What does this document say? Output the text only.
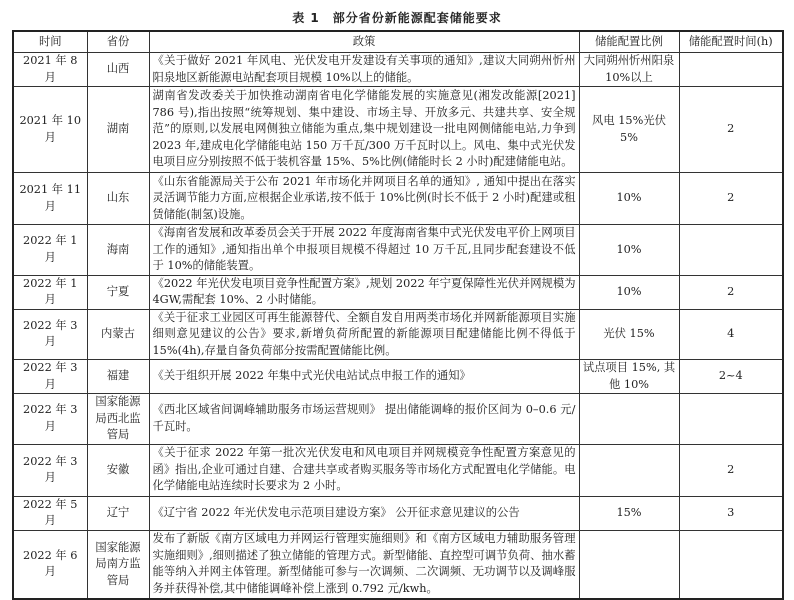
表 1　部分省份新能源配套储能要求
时间	省份	政策	储能配置比例	储能配置时间(h)
2021 年 8 月	山西	《关于做好 2021 年风电、光伏发电开发建设有关事项的通知》,建议大同朔州忻州阳泉地区新能源电站配套项目规模 10%以上的储能。	大同朔州忻州阳泉 10%以上	
2021 年 10 月	湖南	湖南省发改委关于加快推动湖南省电化学储能发展的实施意见(湘发改能源[2021] 786 号),指出按照“统筹规划、集中建设、市场主导、开放多元、共建共享、安全规范”的原则,以发展电网侧独立储能为重点,集中规划建设一批电网侧储能电站,力争到 2023 年,建成电化学储能电站 150 万千瓦/300 万千瓦时以上。风电、集中式光伏发电项目应分别按照不低于装机容量 15%、5%比例(储能时长 2 小时)配建储能电站。	风电 15%光伏 5%	2
2021 年 11 月	山东	《山东省能源局关于公布 2021 年市场化并网项目名单的通知》, 通知中提出在落实灵活调节能力方面,应根据企业承诺,按不低于 10%比例(时长不低于 2 小时)配建或租赁储能(制氢)设施。	10%	2
2022 年 1 月	海南	《海南省发展和改革委员会关于开展 2022 年度海南省集中式光伏发电平价上网项目工作的通知》,通知指出单个申报项目规模不得超过 10 万千瓦,且同步配套建设不低于 10%的储能装置。	10%	
2022 年 1 月	宁夏	《2022 年光伏发电项目竞争性配置方案》,规划 2022 年宁夏保障性光伏并网规模为 4GW,需配套 10%、2 小时储能。	10%	2
2022 年 3 月	内蒙古	《关于征求工业园区可再生能源替代、全额自发自用两类市场化并网新能源项目实施细则意见建议的公告》要求,新增负荷所配置的新能源项目配建储能比例不得低于 15%(4h),存量自备负荷部分按需配置储能比例。	光伏 15%	4
2022 年 3 月	福建	《关于组织开展 2022 年集中式光伏电站试点申报工作的通知》	试点项目 15%, 其他 10%	2~4
2022 年 3 月	国家能源局西北监管局	《西北区域省间调峰辅助服务市场运营规则》 提出储能调峰的报价区间为 0–0.6 元/千瓦时。		
2022 年 3 月	安徽	《关于征求 2022 年第一批次光伏发电和风电项目并网规模竞争性配置方案意见的函》指出,企业可通过自建、合建共享或者购买服务等市场化方式配置电化学储能。电化学储能电站连续时长要求为 2 小时。		2
2022 年 5 月	辽宁	《辽宁省 2022 年光伏发电示范项目建设方案》 公开征求意见建议的公告	15%	3
2022 年 6 月	国家能源局南方监管局	发布了新版《南方区域电力并网运行管理实施细则》和《南方区域电力辅助服务管理实施细则》,细则描述了独立储能的管理方式。新型储能、直控型可调节负荷、抽水蓄能等纳入并网主体管理。新型储能可参与一次调频、二次调频、无功调节以及调峰服务并获得补偿,其中储能调峰补偿上涨到 0.792 元/kwh。		
